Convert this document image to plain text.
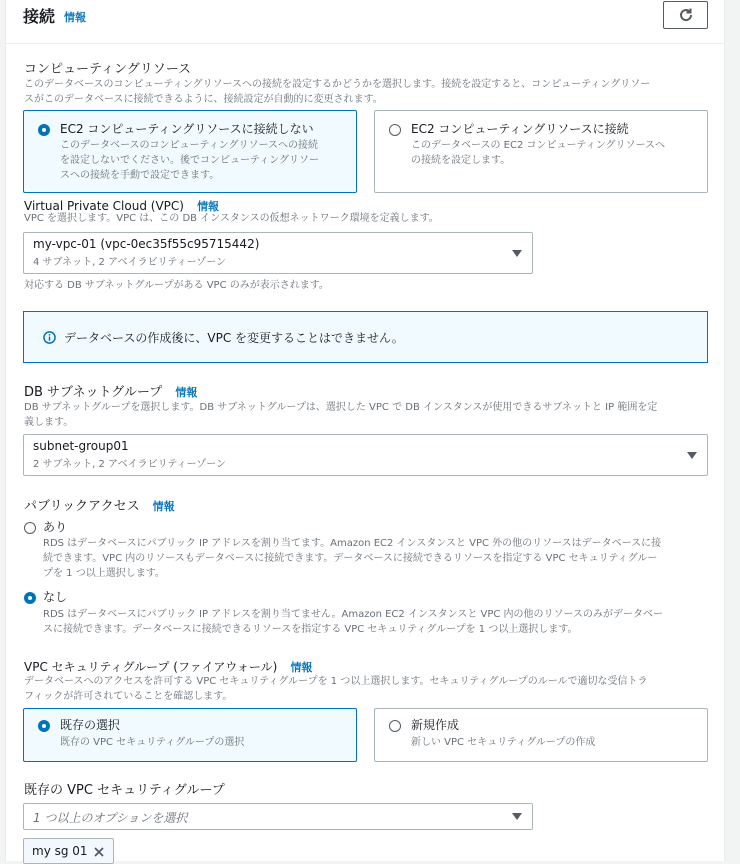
接続 情報
コンピューティングリソース
このデータベースのコンピューティングリソースへの接続を設定するかどうかを選択します。接続を設定すると、コンピューティングリソー
スがこのデータベースに接続できるように、接続設定が自動的に変更されます。
EC2 コンピューティングリソースに接続しない
このデータベースのコンピューティングリソースへの接続
を設定しないでください。後でコンピューティングリソー
スへの接続を手動で設定できます。
EC2 コンピューティングリソースに接続
このデータベースの EC2 コンピューティングリソースへ
の接続を設定します。
Virtual Private Cloud (VPC) 情報
VPC を選択します。VPC は、この DB インスタンスの仮想ネットワーク環境を定義します。
my-vpc-01 (vpc-0ec35f55c95715442)
4 サブネット, 2 アベイラビリティーゾーン
対応する DB サブネットグループがある VPC のみが表示されます。
データベースの作成後に、VPC を変更することはできません。
DB サブネットグループ 情報
DB サブネットグループを選択します。DB サブネットグループは、選択した VPC で DB インスタンスが使用できるサブネットと IP 範囲を定
義します。
subnet-group01
2 サブネット, 2 アベイラビリティーゾーン
パブリックアクセス 情報
あり
RDS はデータベースにパブリック IP アドレスを割り当てます。Amazon EC2 インスタンスと VPC 外の他のリソースはデータベースに接
続できます。VPC 内のリソースもデータベースに接続できます。データベースに接続できるリソースを指定する VPC セキュリティグルー
プを 1 つ以上選択します。
なし
RDS はデータベースにパブリック IP アドレスを割り当てません。Amazon EC2 インスタンスと VPC 内の他のリソースのみがデータベー
スに接続できます。データベースに接続できるリソースを指定する VPC セキュリティグループを 1 つ以上選択します。
VPC セキュリティグループ (ファイアウォール) 情報
データベースへのアクセスを許可する VPC セキュリティグループを 1 つ以上選択します。セキュリティグループのルールで適切な受信トラ
フィックが許可されていることを確認します。
既存の選択
既存の VPC セキュリティグループの選択
新規作成
新しい VPC セキュリティグループの作成
既存の VPC セキュリティグループ
1 つ以上のオプションを選択
my sg 01
